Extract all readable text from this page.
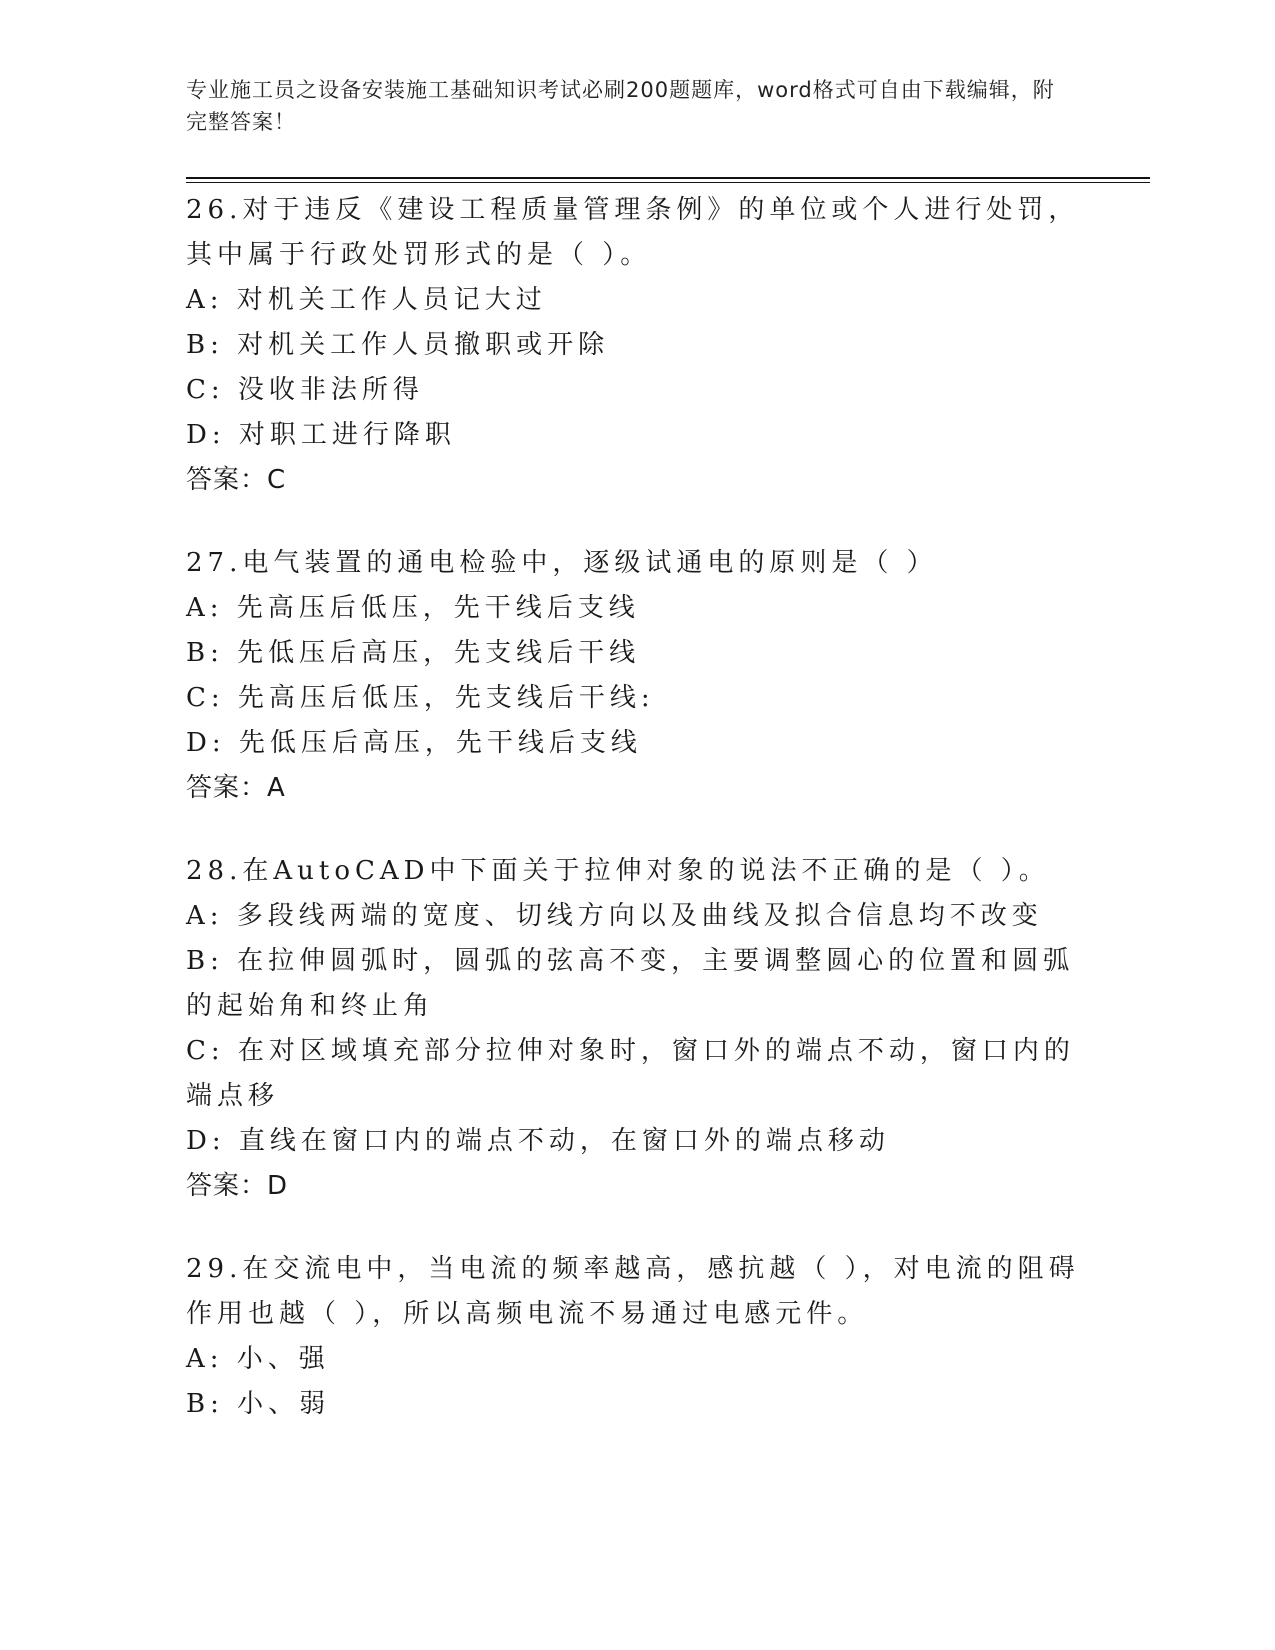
专业施工员之设备安装施工基础知识考试必刷200题题库，word格式可自由下载编辑，附完整答案！
26.对于违反《建设工程质量管理条例》的单位或个人进行处罚，其中属于行政处罚形式的是（ ）。
A: 对机关工作人员记大过
B: 对机关工作人员撤职或开除
C: 没收非法所得
D: 对职工进行降职
答案：C
27.电气装置的通电检验中，逐级试通电的原则是（ ）
A: 先高压后低压，先干线后支线
B: 先低压后高压，先支线后干线
C: 先高压后低压，先支线后干线:
D: 先低压后高压，先干线后支线
答案：A
28.在AutoCAD中下面关于拉伸对象的说法不正确的是（ ）。
A: 多段线两端的宽度、切线方向以及曲线及拟合信息均不改变
B: 在拉伸圆弧时，圆弧的弦高不变，主要调整圆心的位置和圆弧的起始角和终止角
C: 在对区域填充部分拉伸对象时，窗口外的端点不动，窗口内的端点移
D: 直线在窗口内的端点不动，在窗口外的端点移动
答案：D
29.在交流电中，当电流的频率越高，感抗越（ ），对电流的阻碍作用也越（ ），所以高频电流不易通过电感元件。
A: 小、强
B: 小、弱
